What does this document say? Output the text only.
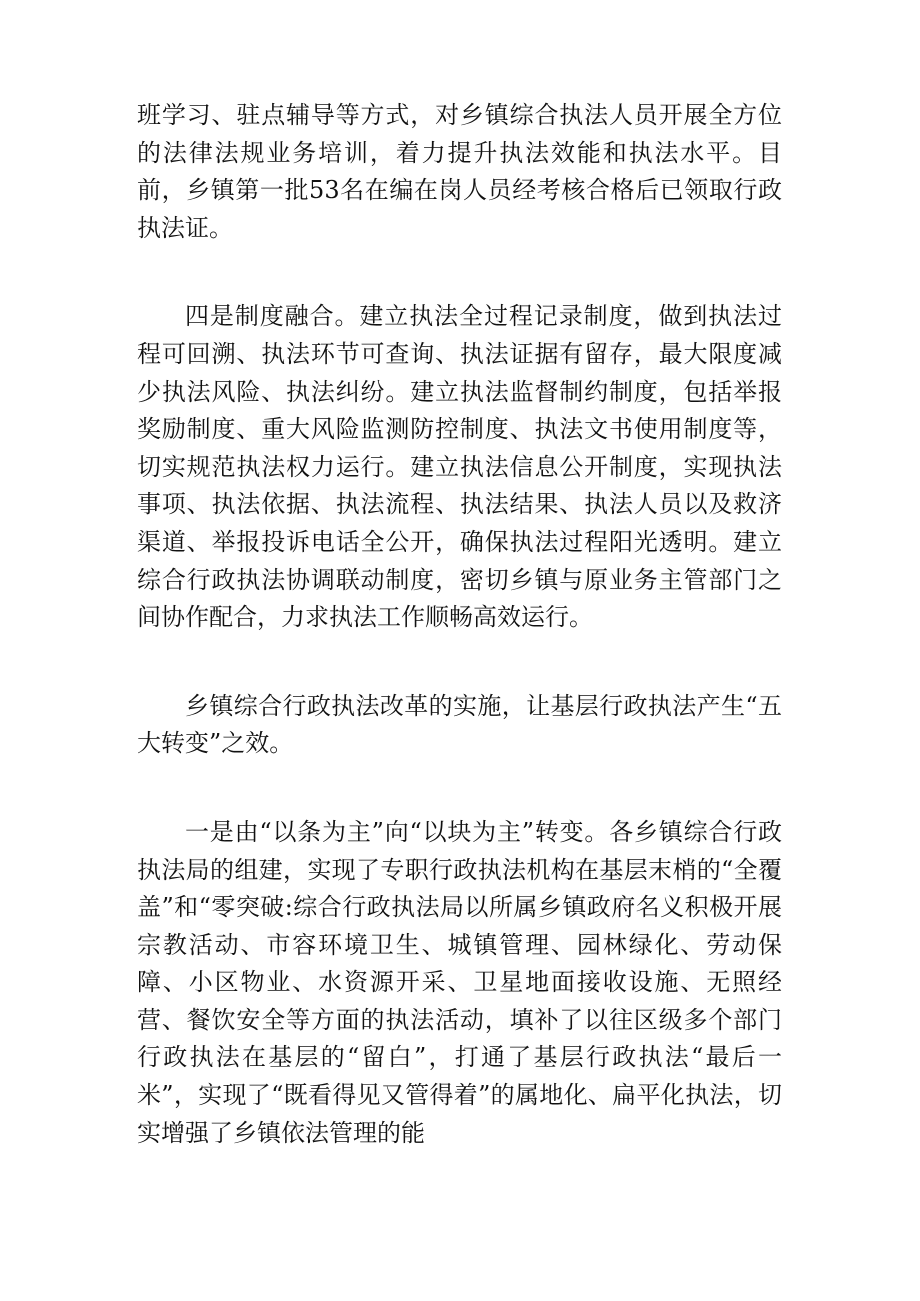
班学习、驻点辅导等方式，对乡镇综合执法人员开展全方位的法律法规业务培训，着力提升执法效能和执法水平。目前，乡镇第一批53名在编在岗人员经考核合格后已领取行政执法证。

四是制度融合。建立执法全过程记录制度，做到执法过程可回溯、执法环节可查询、执法证据有留存，最大限度减少执法风险、执法纠纷。建立执法监督制约制度，包括举报奖励制度、重大风险监测防控制度、执法文书使用制度等，切实规范执法权力运行。建立执法信息公开制度，实现执法事项、执法依据、执法流程、执法结果、执法人员以及救济渠道、举报投诉电话全公开，确保执法过程阳光透明。建立综合行政执法协调联动制度，密切乡镇与原业务主管部门之间协作配合，力求执法工作顺畅高效运行。

乡镇综合行政执法改革的实施，让基层行政执法产生“五大转变”之效。

一是由“以条为主”向“以块为主”转变。各乡镇综合行政执法局的组建，实现了专职行政执法机构在基层末梢的“全覆盖”和“零突破:综合行政执法局以所属乡镇政府名义积极开展宗教活动、市容环境卫生、城镇管理、园林绿化、劳动保障、小区物业、水资源开采、卫星地面接收设施、无照经营、餐饮安全等方面的执法活动，填补了以往区级多个部门行政执法在基层的“留白”，打通了基层行政执法“最后一米”，实现了“既看得见又管得着”的属地化、扁平化执法，切实增强了乡镇依法管理的能
